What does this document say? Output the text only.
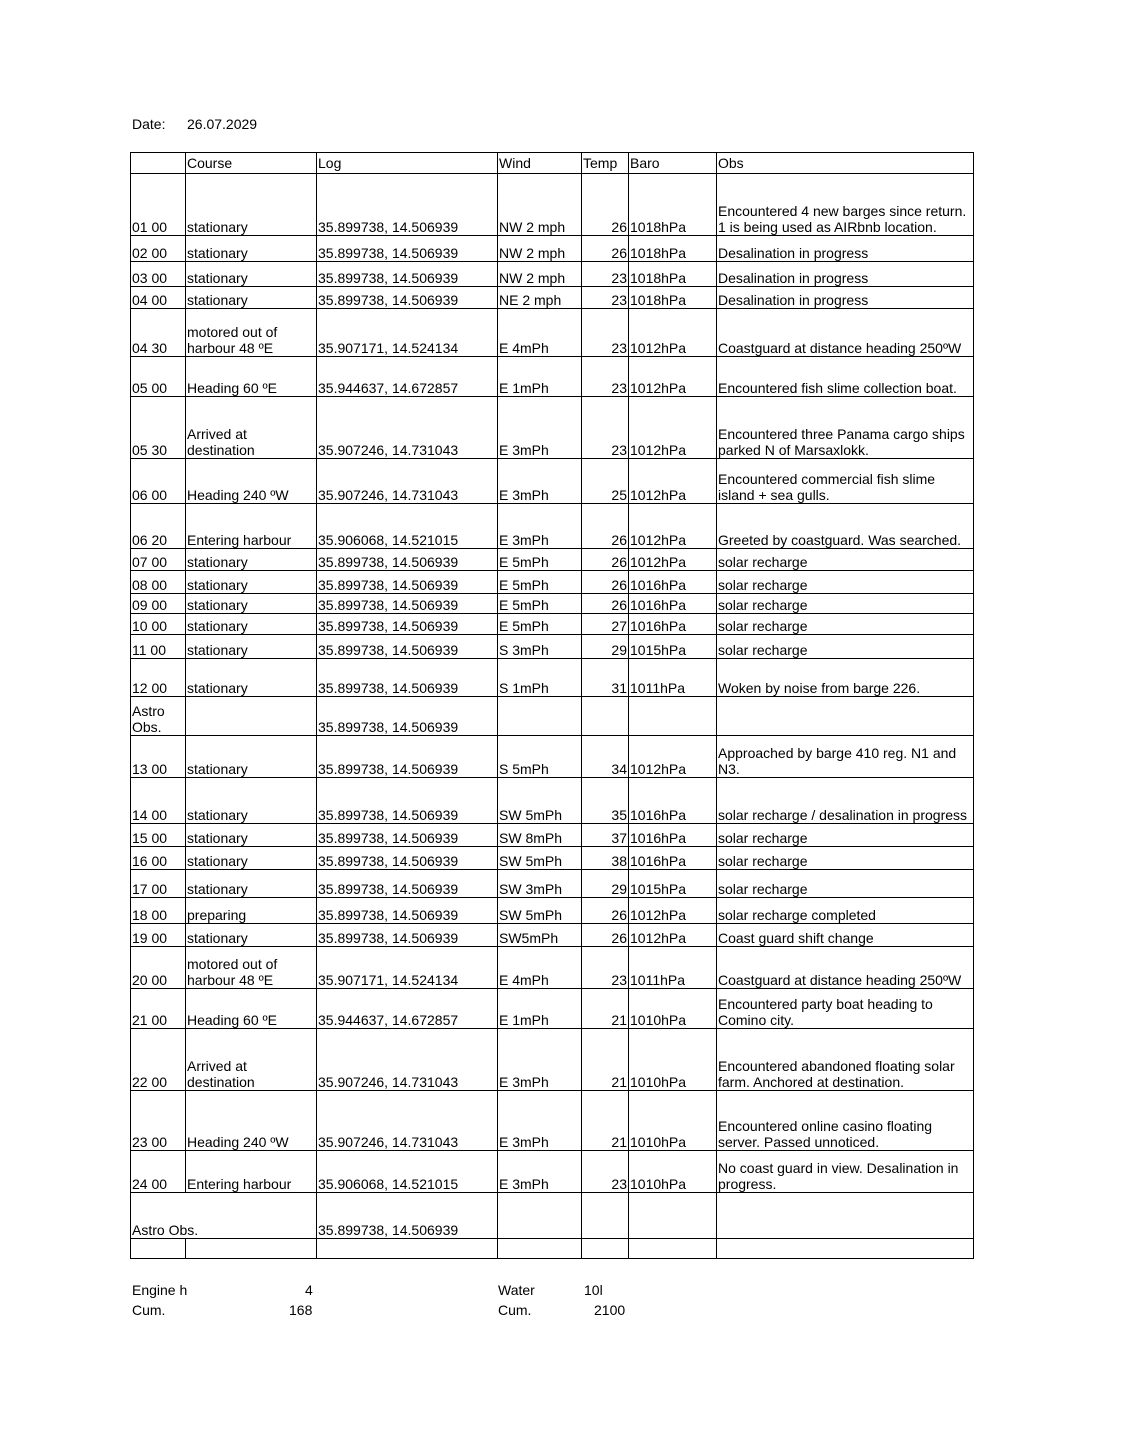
Date: 26.07.2029
	Course	Log	Wind	Temp	Baro	Obs
01 00	stationary	35.899738, 14.506939	NW 2 mph	26	1018hPa	Encountered 4 new barges since return. 1 is being used as AIRbnb location.
02 00	stationary	35.899738, 14.506939	NW 2 mph	26	1018hPa	Desalination in progress
03 00	stationary	35.899738, 14.506939	NW 2 mph	23	1018hPa	Desalination in progress
04 00	stationary	35.899738, 14.506939	NE 2 mph	23	1018hPa	Desalination in progress
04 30	motored out of harbour 48 ºE	35.907171, 14.524134	E 4mPh	23	1012hPa	Coastguard at distance heading 250ºW
05 00	Heading 60 ºE	35.944637, 14.672857	E 1mPh	23	1012hPa	Encountered fish slime collection boat.
05 30	Arrived at destination	35.907246, 14.731043	E 3mPh	23	1012hPa	Encountered three Panama cargo ships parked N of Marsaxlokk.
06 00	Heading 240 ºW	35.907246, 14.731043	E 3mPh	25	1012hPa	Encountered commercial fish slime island + sea gulls.
06 20	Entering harbour	35.906068, 14.521015	E 3mPh	26	1012hPa	Greeted by coastguard. Was searched.
07 00	stationary	35.899738, 14.506939	E 5mPh	26	1012hPa	solar recharge
08 00	stationary	35.899738, 14.506939	E 5mPh	26	1016hPa	solar recharge
09 00	stationary	35.899738, 14.506939	E 5mPh	26	1016hPa	solar recharge
10 00	stationary	35.899738, 14.506939	E 5mPh	27	1016hPa	solar recharge
11 00	stationary	35.899738, 14.506939	S 3mPh	29	1015hPa	solar recharge
12 00	stationary	35.899738, 14.506939	S 1mPh	31	1011hPa	Woken by noise from barge 226.
Astro Obs.		35.899738, 14.506939				
13 00	stationary	35.899738, 14.506939	S 5mPh	34	1012hPa	Approached by barge 410 reg. N1 and N3.
14 00	stationary	35.899738, 14.506939	SW 5mPh	35	1016hPa	solar recharge / desalination in progress
15 00	stationary	35.899738, 14.506939	SW 8mPh	37	1016hPa	solar recharge
16 00	stationary	35.899738, 14.506939	SW 5mPh	38	1016hPa	solar recharge
17 00	stationary	35.899738, 14.506939	SW 3mPh	29	1015hPa	solar recharge
18 00	preparing	35.899738, 14.506939	SW 5mPh	26	1012hPa	solar recharge completed
19 00	stationary	35.899738, 14.506939	SW5mPh	26	1012hPa	Coast guard shift change
20 00	motored out of harbour 48 ºE	35.907171, 14.524134	E 4mPh	23	1011hPa	Coastguard at distance heading 250ºW
21 00	Heading 60 ºE	35.944637, 14.672857	E 1mPh	21	1010hPa	Encountered party boat heading to Comino city.
22 00	Arrived at destination	35.907246, 14.731043	E 3mPh	21	1010hPa	Encountered abandoned floating solar farm. Anchored at destination.
23 00	Heading 240 ºW	35.907246, 14.731043	E 3mPh	21	1010hPa	Encountered online casino floating server. Passed unnoticed.
24 00	Entering harbour	35.906068, 14.521015	E 3mPh	23	1010hPa	No coast guard in view. Desalination in progress.
Astro Obs.		35.899738, 14.506939				

Engine h	4
Cum.	168
Water	10l
Cum.	2100
